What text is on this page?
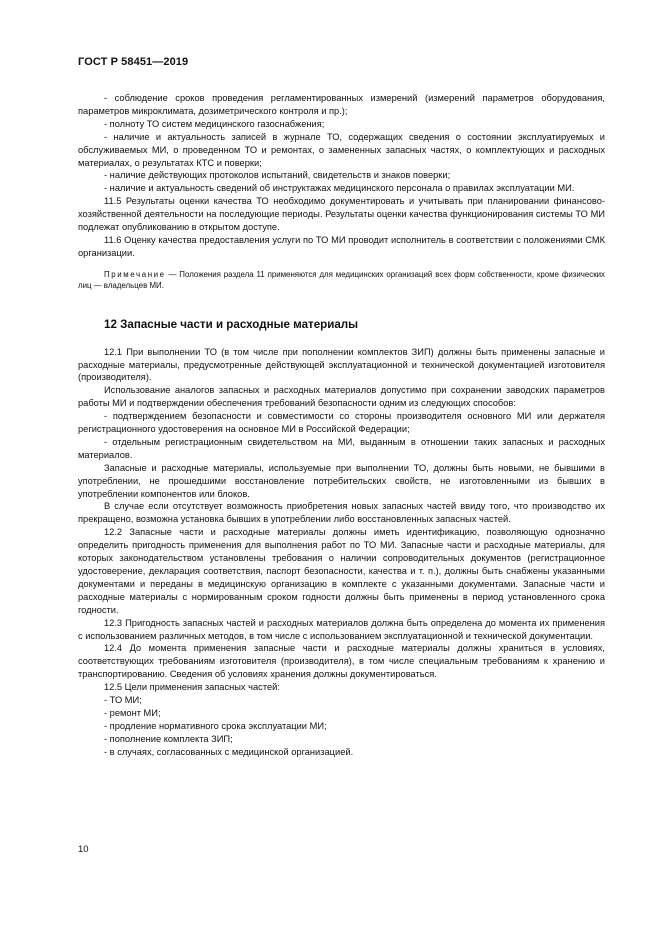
ГОСТ Р 58451—2019

- соблюдение сроков проведения регламентированных измерений (измерений параметров оборудования, параметров микроклимата, дозиметрического контроля и пр.);

- полноту ТО систем медицинского газоснабжения;

- наличие и актуальность записей в журнале ТО, содержащих сведения о состоянии эксплуатируемых и обслуживаемых МИ, о проведенном ТО и ремонтах, о замененных запасных частях, о комплектующих и расходных материалах, о результатах КТС и поверки;

- наличие действующих протоколов испытаний, свидетельств и знаков поверки;

- наличие и актуальность сведений об инструктажах медицинского персонала о правилах эксплуатации МИ.

11.5 Результаты оценки качества ТО необходимо документировать и учитывать при планировании финансово-хозяйственной деятельности на последующие периоды. Результаты оценки качества функционирования системы ТО МИ подлежат опубликованию в открытом доступе.

11.6 Оценку качества предоставления услуги по ТО МИ проводит исполнитель в соответствии с положениями СМК организации.

Примечание — Положения раздела 11 применяются для медицинских организаций всех форм собственности, кроме физических лиц — владельцев МИ.
12 Запасные части и расходные материалы

12.1 При выполнении ТО (в том числе при пополнении комплектов ЗИП) должны быть применены запасные и расходные материалы, предусмотренные действующей эксплуатационной и технической документацией изготовителя (производителя).

Использование аналогов запасных и расходных материалов допустимо при сохранении заводских параметров работы МИ и подтверждении обеспечения требований безопасности одним из следующих способов:

- подтверждением безопасности и совместимости со стороны производителя основного МИ или держателя регистрационного удостоверения на основное МИ в Российской Федерации;

- отдельным регистрационным свидетельством на МИ, выданным в отношении таких запасных и расходных материалов.

Запасные и расходные материалы, используемые при выполнении ТО, должны быть новыми, не бывшими в употреблении, не прошедшими восстановление потребительских свойств, не изготовленными из бывших в употреблении компонентов или блоков.

В случае если отсутствует возможность приобретения новых запасных частей ввиду того, что производство их прекращено, возможна установка бывших в употреблении либо восстановленных запасных частей.

12.2 Запасные части и расходные материалы должны иметь идентификацию, позволяющую однозначно определить пригодность применения для выполнения работ по ТО МИ. Запасные части и расходные материалы, для которых законодательством установлены требования о наличии сопроводительных документов (регистрационное удостоверение, декларация соответствия, паспорт безопасности, качества и т. п.), должны быть снабжены указанными документами и переданы в медицинскую организацию в комплекте с указанными документами. Запасные части и расходные материалы с нормированным сроком годности должны быть применены в период установленного срока годности.

12.3 Пригодность запасных частей и расходных материалов должна быть определена до момента их применения с использованием различных методов, в том числе с использованием эксплуатационной и технической документации.

12.4 До момента применения запасные части и расходные материалы должны храниться в условиях, соответствующих требованиям изготовителя (производителя), в том числе специальным требованиям к хранению и транспортированию. Сведения об условиях хранения должны документироваться.

12.5 Цели применения запасных частей:

- ТО МИ;

- ремонт МИ;

- продление нормативного срока эксплуатации МИ;

- пополнение комплекта ЗИП;

- в случаях, согласованных с медицинской организацией.

10
